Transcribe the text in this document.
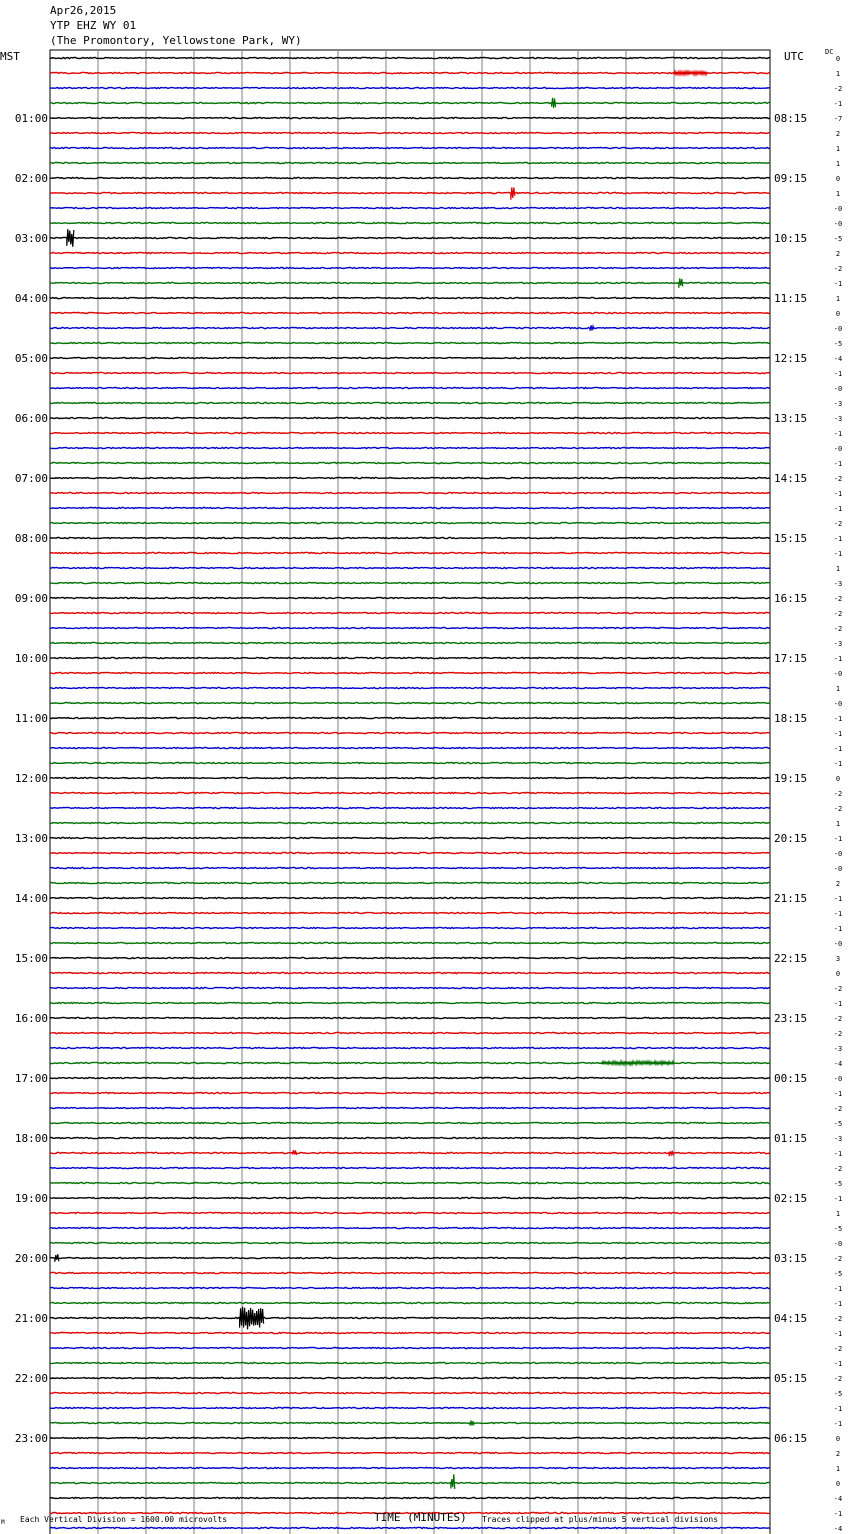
Apr26,2015
YTP EHZ WY 01
(The Promontory, Yellowstone Park, WY)
MST	UTC	DC
0
1
-2
-1
-7
2
1
1
0
1
-0
-0
-5
2
-2
-1
1
0
-0
-5
-4
-1
-0
-3
-3
-1
-0
-1
-2
-1
-1
-2
-1
-1
1
-3
-2
-2
-2
-3
-1
-0
1
-0
-1
-1
-1
-1
0
-2
-2
1
-1
-0
-0
2
-1
-1
-1
-0
3
0
-2
-1
-2
-2
-3
-4
-0
-1
-2
-5
-3
-1
-2
-5
-1
1
-5
-0
-2
-5
-1
-1
-2
-1
-2
-1
-2
-5
-1
-1
0
2
1
0
-4
-1
-4
01:00	08:15
02:00	09:15
03:00	10:15
04:00	11:15
05:00	12:15
06:00	13:15
07:00	14:15
08:00	15:15
09:00	16:15
10:00	17:15
11:00	18:15
12:00	19:15
13:00	20:15
14:00	21:15
15:00	22:15
16:00	23:15
17:00	00:15
18:00	01:15
19:00	02:15
20:00	03:15
21:00	04:15
22:00	05:15
23:00	06:15
Each Vertical Division = 1600.00 microvolts
M	TIME (MINUTES) Traces clipped at plus/minus 5 vertical divisions
